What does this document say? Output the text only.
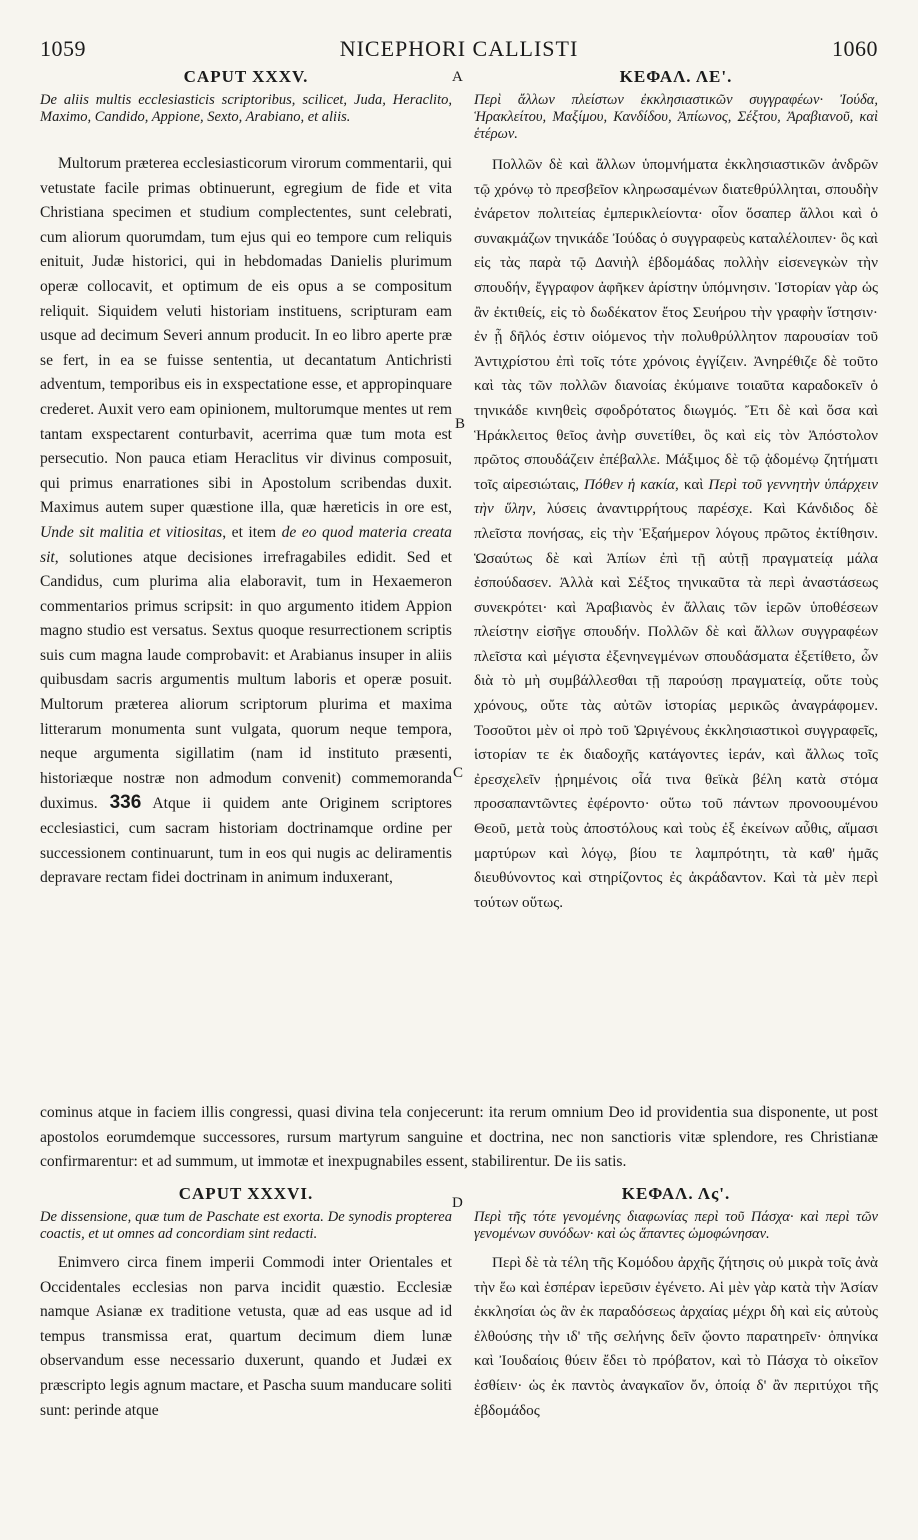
1059	NICEPHORI CALLISTI	1060
A
B
C
D
CAPUT XXXV.

De aliis multis ecclesiasticis scriptoribus, scilicet, Juda, Heraclito, Maximo, Candido, Appione, Sexto, Arabiano, et aliis.

Multorum præterea ecclesiasticorum virorum commentarii, qui vetustate facile primas obtinuerunt, egregium de fide et vita Christiana specimen et studium complectentes, sunt celebrati, cum aliorum quorumdam, tum ejus qui eo tempore cum reliquis enituit, Judæ historici, qui in hebdomadas Danielis plurimum operæ collocavit, et optimum de eis opus a se compositum reliquit. Siquidem veluti historiam instituens, scripturam eam usque ad decimum Severi annum producit. In eo libro aperte præ se fert, in ea se fuisse sententia, ut decantatum Antichristi adventum, temporibus eis in exspectatione esse, et appropinquare crederet. Auxit vero eam opinionem, multorumque mentes ut rem tantam exspectarent conturbavit, acerrima quæ tum mota est persecutio. Non pauca etiam Heraclitus vir divinus composuit, qui primus enarrationes sibi in Apostolum scribendas duxit. Maximus autem super quæstione illa, quæ hæreticis in ore est, Unde sit malitia et vitiositas, et item de eo quod materia creata sit, solutiones atque decisiones irrefragabiles edidit. Sed et Candidus, cum plurima alia elaboravit, tum in Hexaemeron commentarios primus scripsit: in quo argumento itidem Appion magno studio est versatus. Sextus quoque resurrectionem scriptis suis cum magna laude comprobavit: et Arabianus insuper in aliis quibusdam sacris argumentis multum laboris et operæ posuit. Multorum præterea aliorum scriptorum plurima et maxima litterarum monumenta sunt vulgata, quorum neque tempora, neque argumenta sigillatim (nam id instituto præsenti, historiæque nostræ non admodum convenit) commemoranda duximus. 336 Atque ii quidem ante Originem scriptores ecclesiastici, cum sacram historiam doctrinamque ordine per successionem continuarunt, tum in eos qui nugis ac deliramentis depravare rectam fidei doctrinam in animum induxerant,

ΚΕΦΑΛ. ΛΕ'.

Περὶ ἄλλων πλείστων ἐκκλησιαστικῶν συγγραφέων· Ἰούδα, Ἡρακλείτου, Μαξίμου, Κανδίδου, Ἀπίωνος, Σέξτου, Ἀραβιανοῦ, καὶ ἑτέρων.

Πολλῶν δὲ καὶ ἄλλων ὑπομνήματα ἐκκλησιαστικῶν ἀνδρῶν τῷ χρόνῳ τὸ πρεσβεῖον κληρωσαμένων διατεθρύλληται, σπουδὴν ἐνάρετον πολιτείας ἐμπερικλείοντα· οἷον ὅσαπερ ἄλλοι καὶ ὁ συνακμάζων τηνικάδε Ἰούδας ὁ συγγραφεὺς καταλέλοιπεν· ὃς καὶ εἰς τὰς παρὰ τῷ Δανιὴλ ἑβδομάδας πολλὴν εἰσενεγκὼν τὴν σπουδήν, ἔγγραφον ἀφῆκεν ἀρίστην ὑπόμνησιν. Ἱστορίαν γὰρ ὡς ἂν ἐκτιθείς, εἰς τὸ δωδέκατον ἔτος Σευήρου τὴν γραφὴν ἵστησιν· ἐν ᾗ δῆλός ἐστιν οἰόμενος τὴν πολυθρύλλητον παρουσίαν τοῦ Ἀντιχρίστου ἐπὶ τοῖς τότε χρόνοις ἐγγίζειν. Ἀνηρέθιζε δὲ τοῦτο καὶ τὰς τῶν πολλῶν διανοίας ἐκύμαινε τοιαῦτα καραδοκεῖν ὁ τηνικάδε κινηθεὶς σφοδρότατος διωγμός. Ἔτι δὲ καὶ ὅσα καὶ Ἡράκλειτος θεῖος ἀνὴρ συνετίθει, ὃς καὶ εἰς τὸν Ἀπόστολον πρῶτος σπουδάζειν ἐπέβαλλε. Μάξιμος δὲ τῷ ᾀδομένῳ ζητήματι τοῖς αἱρεσιώταις, Πόθεν ἡ κακία, καὶ Περὶ τοῦ γεννητὴν ὑπάρχειν τὴν ὕλην, λύσεις ἀναντιρρήτους παρέσχε. Καὶ Κάνδιδος δὲ πλεῖστα πονήσας, εἰς τὴν Ἑξαήμερον λόγους πρῶτος ἐκτίθησιν. Ὡσαύτως δὲ καὶ Ἀπίων ἐπὶ τῇ αὐτῇ πραγματείᾳ μάλα ἐσπούδασεν. Ἀλλὰ καὶ Σέξτος τηνικαῦτα τὰ περὶ ἀναστάσεως συνεκρότει· καὶ Ἀραβιανὸς ἐν ἄλλαις τῶν ἱερῶν ὑποθέσεων πλείστην εἰσῆγε σπουδήν. Πολλῶν δὲ καὶ ἄλλων συγγραφέων πλεῖστα καὶ μέγιστα ἐξενηνεγμένων σπουδάσματα ἐξετίθετο, ὧν διὰ τὸ μὴ συμβάλλεσθαι τῇ παρούσῃ πραγματείᾳ, οὔτε τοὺς χρόνους, οὔτε τὰς αὐτῶν ἱστορίας μερικῶς ἀναγράφομεν. Τοσοῦτοι μὲν οἱ πρὸ τοῦ Ὠριγένους ἐκκλησιαστικοὶ συγγραφεῖς, ἱστορίαν τε ἐκ διαδοχῆς κατάγοντες ἱεράν, καὶ ἄλλως τοῖς ἐρεσχελεῖν ᾑρημένοις οἷά τινα θεϊκὰ βέλη κατὰ στόμα προσαπαντῶντες ἐφέροντο· οὕτω τοῦ πάντων προνοουμένου Θεοῦ, μετὰ τοὺς ἀποστόλους καὶ τοὺς ἐξ ἐκείνων αὖθις, αἵμασι μαρτύρων καὶ λόγῳ, βίου τε λαμπρότητι, τὰ καθ' ἡμᾶς διευθύνοντος καὶ στηρίζοντος ἐς ἀκράδαντον. Καὶ τὰ μὲν περὶ τούτων οὕτως.

cominus atque in faciem illis congressi, quasi divina tela conjecerunt: ita rerum omnium Deo id providentia sua disponente, ut post apostolos eorumdemque successores, rursum martyrum sanguine et doctrina, nec non sanctioris vitæ splendore, res Christianæ confirmarentur: et ad summum, ut immotæ et inexpugnabiles essent, stabilirentur. De iis satis.

CAPUT XXXVI.

De dissensione, quæ tum de Paschate est exorta. De synodis propterea coactis, et ut omnes ad concordiam sint redacti.

Enimvero circa finem imperii Commodi inter Orientales et Occidentales ecclesias non parva incidit quæstio. Ecclesiæ namque Asianæ ex traditione vetusta, quæ ad eas usque ad id tempus transmissa erat, quartum decimum diem lunæ observandum esse necessario duxerunt, quando et Judæi ex præscripto legis agnum mactare, et Pascha suum manducare soliti sunt: perinde atque

ΚΕΦΑΛ. Λς'.

Περὶ τῆς τότε γενομένης διαφωνίας περὶ τοῦ Πάσχα· καὶ περὶ τῶν γενομένων συνόδων· καὶ ὡς ἅπαντες ὡμοφώνησαν.

Περὶ δὲ τὰ τέλη τῆς Κομόδου ἀρχῆς ζήτησις οὐ μικρὰ τοῖς ἀνὰ τὴν ἕω καὶ ἑσπέραν ἱερεῦσιν ἐγένετο. Αἱ μὲν γὰρ κατὰ τὴν Ἀσίαν ἐκκλησίαι ὡς ἂν ἐκ παραδόσεως ἀρχαίας μέχρι δὴ καὶ εἰς αὐτοὺς ἐλθούσης τὴν ιδ' τῆς σελήνης δεῖν ᾤοντο παρατηρεῖν· ὁπηνίκα καὶ Ἰουδαίοις θύειν ἔδει τὸ πρόβατον, καὶ τὸ Πάσχα τὸ οἰκεῖον ἐσθίειν· ὡς ἐκ παντὸς ἀναγκαῖον ὄν, ὁποίᾳ δ' ἂν περιτύχοι τῆς ἑβδομάδος
